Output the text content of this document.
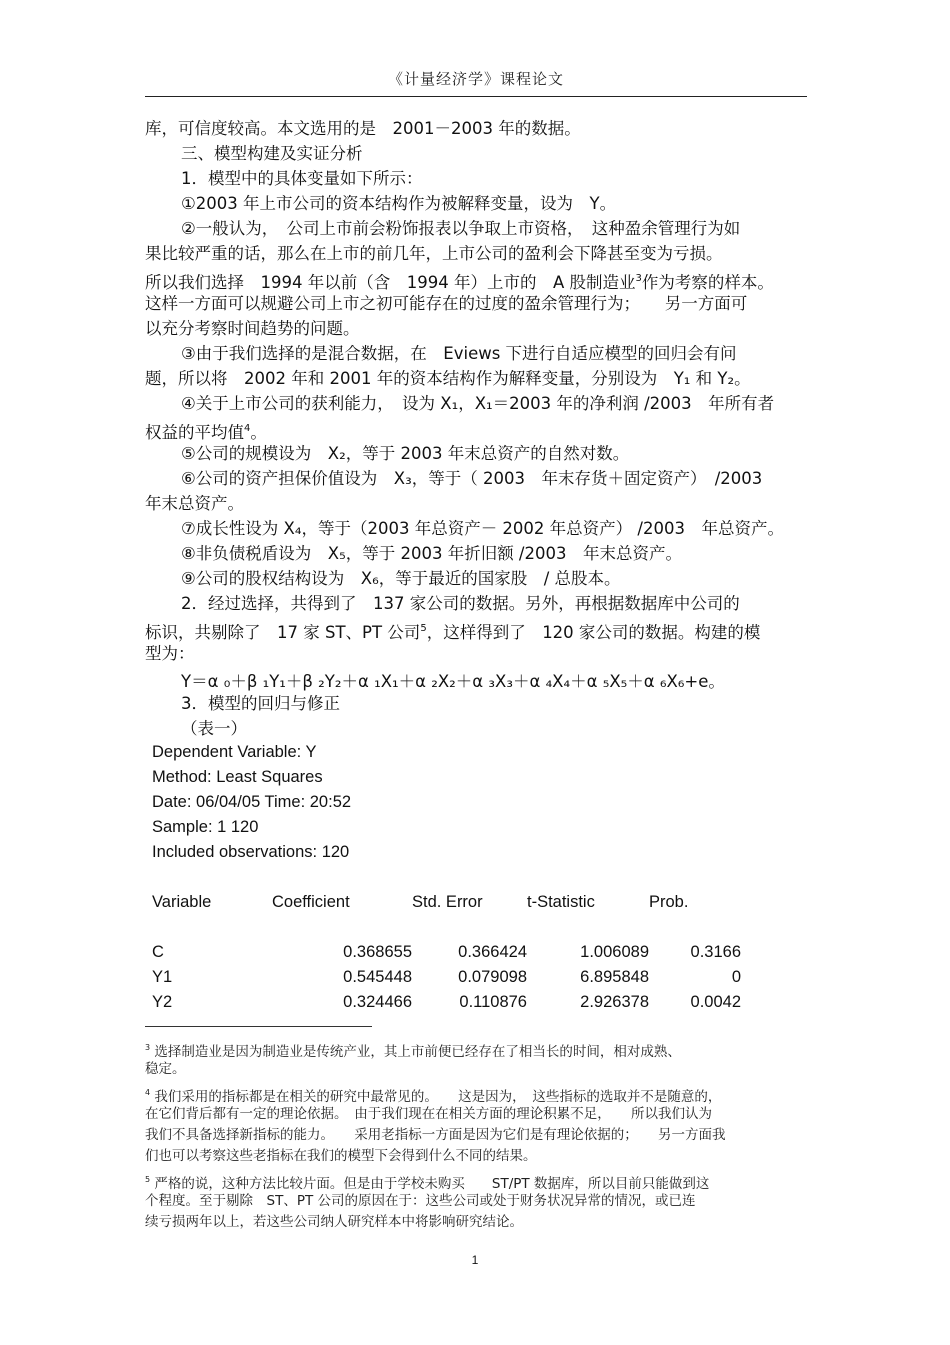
《计量经济学》课程论文
库，可信度较高。本文选用的是　2001－2003 年的数据。
三、模型构建及实证分析
1．模型中的具体变量如下所示：
①2003 年上市公司的资本结构作为被解释变量，设为　Y。
②一般认为，　公司上市前会粉饰报表以争取上市资格，　这种盈余管理行为如
果比较严重的话，那么在上市的前几年，上市公司的盈利会下降甚至变为亏损。
所以我们选择　1994 年以前（含　1994 年）上市的　A 股制造业$^3$作为考察的样本。
这样一方面可以规避公司上市之初可能存在的过度的盈余管理行为；　　另一方面可
以充分考察时间趋势的问题。
③由于我们选择的是混合数据，在　Eviews 下进行自适应模型的回归会有问
题，所以将　2002 年和 2001 年的资本结构作为解释变量，分别设为　Y₁ 和 Y₂。
④关于上市公司的获利能力，　设为 X₁，X₁＝2003 年的净利润 /2003　年所有者
权益的平均值$^4$。
⑤公司的规模设为　X₂，等于 2003 年末总资产的自然对数。
⑥公司的资产担保价值设为　X₃，等于（ 2003　年末存货＋固定资产）　/2003
年末总资产。
⑦成长性设为 X₄，等于（2003 年总资产－ 2002 年总资产） /2003　年总资产。
⑧非负债税盾设为　X₅，等于 2003 年折旧额 /2003　年末总资产。
⑨公司的股权结构设为　X₆，等于最近的国家股　/ 总股本。
2．经过选择，共得到了　137 家公司的数据。另外，再根据数据库中公司的
标识，共剔除了　17 家 ST、PT 公司$^5$，这样得到了　120 家公司的数据。构建的模
型为：
Y＝α ₀＋β ₁Y₁＋β ₂Y₂＋α ₁X₁＋α ₂X₂＋α ₃X₃＋α ₄X₄＋α ₅X₅＋α ₆X₆+e。
3．模型的回归与修正
（表一）
Dependent Variable: Y
Method: Least Squares
Date: 06/04/05 Time: 20:52
Sample: 1 120
Included observations: 120
Variable	Coefficient	Std. Error	t-Statistic	Prob.

C	0.368655	0.366424	1.006089	0.3166
Y1	0.545448	0.079098	6.895848	0
Y2	0.324466	0.110876	2.926378	0.0042
$^3$ 选择制造业是因为制造业是传统产业，其上市前便已经存在了相当长的时间，相对成熟、
稳定。
$^4$ 我们采用的指标都是在相关的研究中最常见的。　　这是因为，　这些指标的选取并不是随意的，
在它们背后都有一定的理论依据。　由于我们现在在相关方面的理论积累不足，　　所以我们认为
我们不具备选择新指标的能力。　　采用老指标一方面是因为它们是有理论依据的；　　另一方面我
们也可以考察这些老指标在我们的模型下会得到什么不同的结果。
$^5$ 严格的说，这种方法比较片面。但是由于学校未购买　　ST/PT 数据库，所以目前只能做到这
个程度。至于剔除　ST、PT 公司的原因在于：这些公司或处于财务状况异常的情况，或已连
续亏损两年以上，若这些公司纳人研究样本中将影响研究结论。
1
